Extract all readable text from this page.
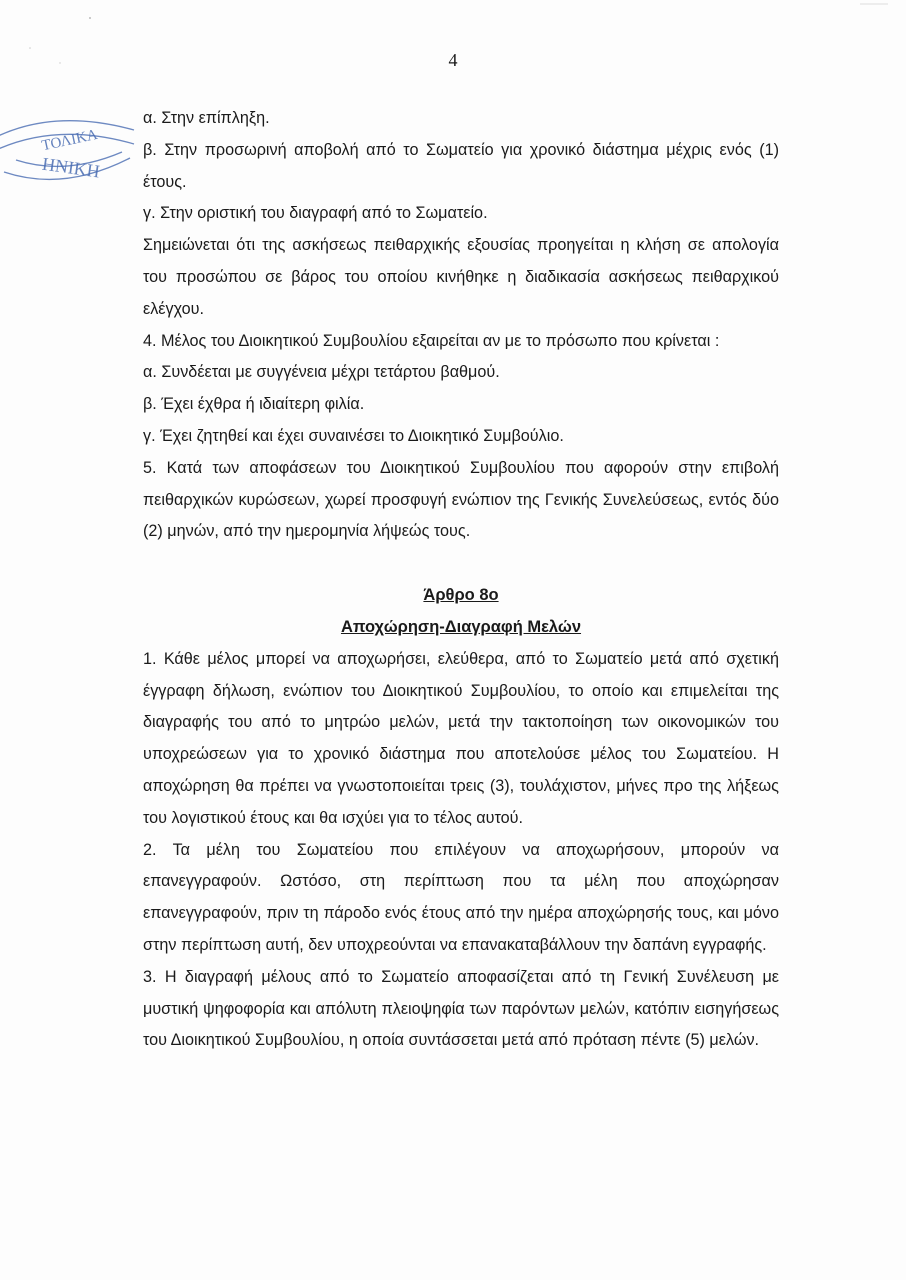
ΤΟΛΙΚΑ
ΗΝΙΚΗ
4

α. Στην επίπληξη.

β. Στην προσωρινή αποβολή από το Σωματείο για χρονικό διάστημα μέχρις ενός (1) έτους.

γ. Στην οριστική του διαγραφή από το Σωματείο.

Σημειώνεται ότι της ασκήσεως πειθαρχικής εξουσίας προηγείται η κλήση σε απολογία του προσώπου σε βάρος του οποίου κινήθηκε η διαδικασία ασκήσεως πειθαρχικού ελέγχου.

4. Μέλος του Διοικητικού Συμβουλίου εξαιρείται αν με το πρόσωπο που κρίνεται :

α. Συνδέεται με συγγένεια μέχρι τετάρτου βαθμού.

β. Έχει έχθρα ή ιδιαίτερη φιλία.

γ. Έχει ζητηθεί και έχει συναινέσει το Διοικητικό Συμβούλιο.

5. Κατά των αποφάσεων του Διοικητικού Συμβουλίου που αφορούν στην επιβολή πειθαρχικών κυρώσεων, χωρεί προσφυγή ενώπιον της Γενικής Συνελεύσεως, εντός δύο (2) μηνών, από την ημερομηνία λήψεώς τους.

Άρθρο 8ο

Αποχώρηση-Διαγραφή Μελών

1. Κάθε μέλος μπορεί να αποχωρήσει, ελεύθερα, από το Σωματείο μετά από σχετική έγγραφη δήλωση, ενώπιον του Διοικητικού Συμβουλίου, το οποίο και επιμελείται της διαγραφής του από το μητρώο μελών, μετά την τακτοποίηση των οικονομικών του υποχρεώσεων για το χρονικό διάστημα που αποτελούσε μέλος του Σωματείου. Η αποχώρηση θα πρέπει να γνωστοποιείται τρεις (3), τουλάχιστον, μήνες προ της λήξεως του λογιστικού έτους και θα ισχύει για το τέλος αυτού.

2. Τα μέλη του Σωματείου που επιλέγουν να αποχωρήσουν, μπορούν να επανεγγραφούν. Ωστόσο, στη περίπτωση που τα μέλη που αποχώρησαν επανεγγραφούν, πριν τη πάροδο ενός έτους από την ημέρα αποχώρησής τους, και μόνο στην περίπτωση αυτή, δεν υποχρεούνται να επανακαταβάλλουν την δαπάνη εγγραφής.

3. Η διαγραφή μέλους από το Σωματείο αποφασίζεται από τη Γενική Συνέλευση με μυστική ψηφοφορία και απόλυτη πλειοψηφία των παρόντων μελών, κατόπιν εισηγήσεως του Διοικητικού Συμβουλίου, η οποία συντάσσεται μετά από πρόταση πέντε (5) μελών.
